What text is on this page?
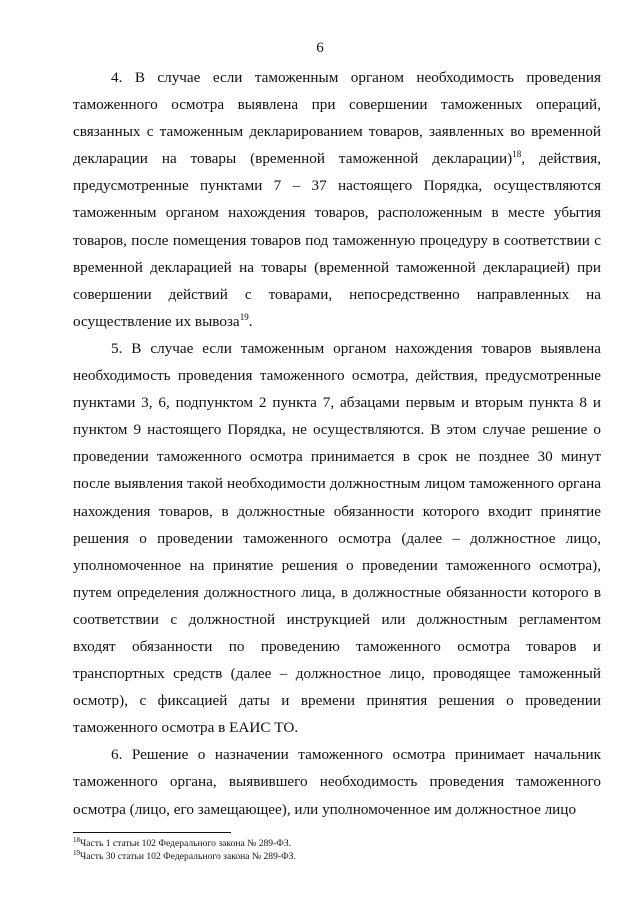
6

4. В случае если таможенным органом необходимость проведения таможенного осмотра выявлена при совершении таможенных операций, связанных с таможенным декларированием товаров, заявленных во временной декларации на товары (временной таможенной декларации)$^{18}$, действия, предусмотренные пунктами 7 – 37 настоящего Порядка, осуществляются таможенным органом нахождения товаров, расположенным в месте убытия товаров, после помещения товаров под таможенную процедуру в соответствии с временной декларацией на товары (временной таможенной декларацией) при совершении действий с товарами, непосредственно направленных на осуществление их вывоза$^{19}$.

5. В случае если таможенным органом нахождения товаров выявлена необходимость проведения таможенного осмотра, действия, предусмотренные пунктами 3, 6, подпунктом 2 пункта 7, абзацами первым и вторым пункта 8 и пунктом 9 настоящего Порядка, не осуществляются. В этом случае решение о проведении таможенного осмотра принимается в срок не позднее 30 минут после выявления такой необходимости должностным лицом таможенного органа нахождения товаров, в должностные обязанности которого входит принятие решения о проведении таможенного осмотра (далее – должностное лицо, уполномоченное на принятие решения о проведении таможенного осмотра), путем определения должностного лица, в должностные обязанности которого в соответствии с должностной инструкцией или должностным регламентом входят обязанности по проведению таможенного осмотра товаров и транспортных средств (далее – должностное лицо, проводящее таможенный осмотр), с фиксацией даты и времени принятия решения о проведении таможенного осмотра в ЕАИС ТО.

6. Решение о назначении таможенного осмотра принимает начальник таможенного органа, выявившего необходимость проведения таможенного осмотра (лицо, его замещающее), или уполномоченное им должностное лицо

$^{18}$Часть 1 статьи 102 Федерального закона № 289-ФЗ.

$^{19}$Часть 30 статьи 102 Федерального закона № 289-ФЗ.
